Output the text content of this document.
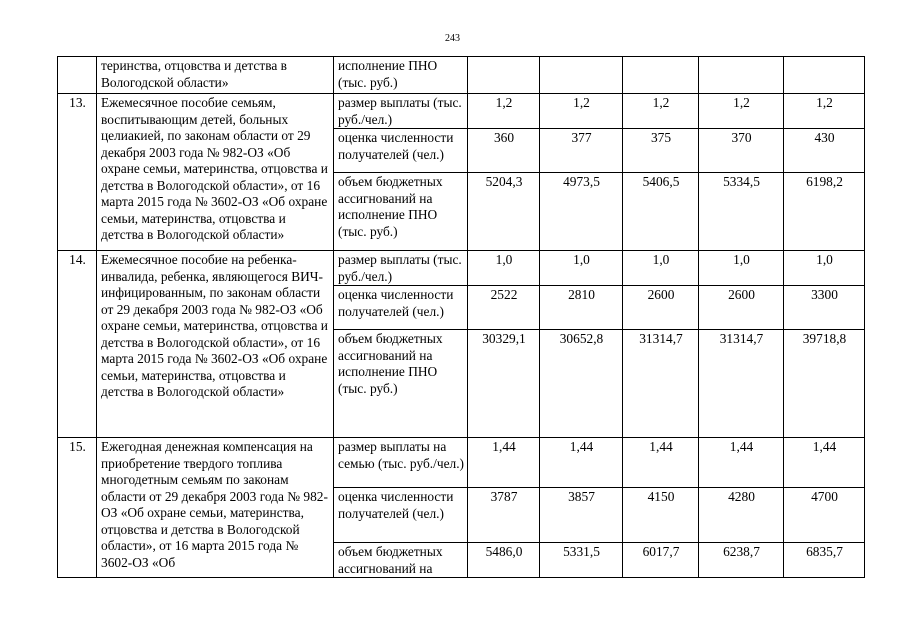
243
	теринства, отцовства и детства в Вологодской области»	исполнение ПНО (тыс. руб.)					
13.	Ежемесячное пособие семьям, воспитывающим детей, больных целиакией, по законам области от 29 декабря 2003 года № 982-ОЗ «Об охране семьи, материнства, отцовства и детства в Вологодской области», от 16 марта 2015 года № 3602-ОЗ «Об охране семьи, материнства, отцовства и детства в Вологодской области»	размер выплаты (тыс. руб./чел.)	1,2	1,2	1,2	1,2	1,2
		оценка численности получателей (чел.)	360	377	375	370	430
		объем бюджетных ассигнований на исполнение ПНО (тыс. руб.)	5204,3	4973,5	5406,5	5334,5	6198,2
14.	Ежемесячное пособие на ребенка-инвалида, ребенка, являющегося ВИЧ-инфицированным, по законам области от 29 декабря 2003 года № 982-ОЗ «Об охране семьи, материнства, отцовства и детства в Вологодской области», от 16 марта 2015 года № 3602-ОЗ «Об охране семьи, материнства, отцовства и детства в Вологодской области»	размер выплаты (тыс. руб./чел.)	1,0	1,0	1,0	1,0	1,0
		оценка численности получателей (чел.)	2522	2810	2600	2600	3300
		объем бюджетных ассигнований на исполнение ПНО (тыс. руб.)	30329,1	30652,8	31314,7	31314,7	39718,8
15.	Ежегодная денежная компенсация на приобретение твердого топлива многодетным семьям по законам области от 29 декабря 2003 года № 982-ОЗ «Об охране семьи, материнства, отцовства и детства в Вологодской области», от 16 марта 2015 года № 3602-ОЗ «Об	размер выплаты на семью (тыс. руб./чел.)	1,44	1,44	1,44	1,44	1,44
		оценка численности получателей (чел.)	3787	3857	4150	4280	4700
		объем бюджетных ассигнований на	5486,0	5331,5	6017,7	6238,7	6835,7
